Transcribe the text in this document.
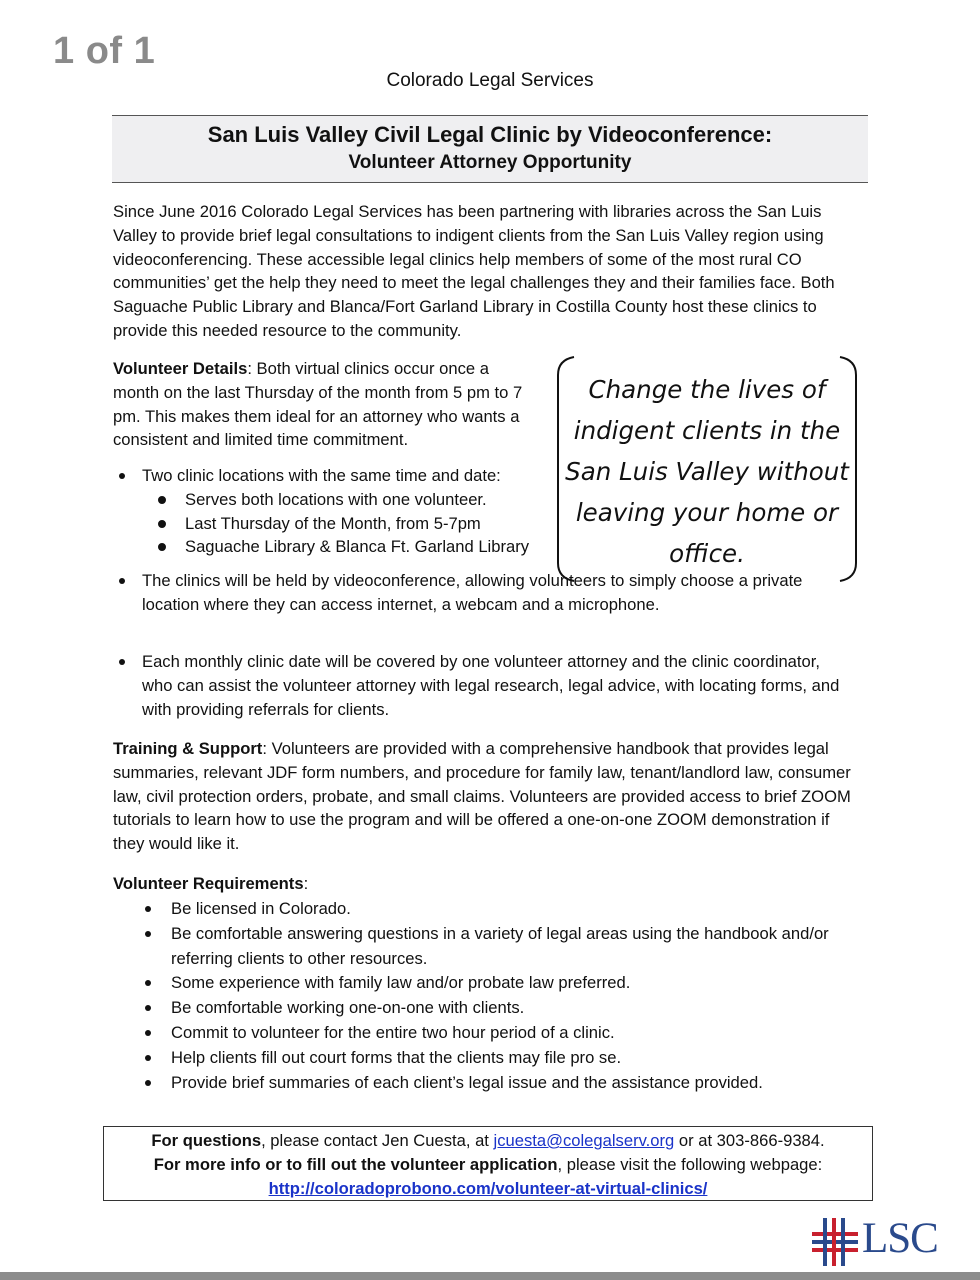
1 of 1
Colorado Legal Services
San Luis Valley Civil Legal Clinic by Videoconference:
Volunteer Attorney Opportunity
Since June 2016 Colorado Legal Services has been partnering with libraries across the San Luis Valley to provide brief legal consultations to indigent clients from the San Luis Valley region using videoconferencing. These accessible legal clinics help members of some of the most rural CO communities’ get the help they need to meet the legal challenges they and their families face. Both Saguache Public Library and Blanca/Fort Garland Library in Costilla County host these clinics to provide this needed resource to the community.
Volunteer Details: Both virtual clinics occur once a month on the last Thursday of the month from 5 pm to 7 pm. This makes them ideal for an attorney who wants a consistent and limited time commitment.
Two clinic locations with the same time and date:
Serves both locations with one volunteer.
Last Thursday of the Month, from 5-7pm
Saguache Library & Blanca Ft. Garland Library
The clinics will be held by videoconference, allowing volunteers to simply choose a private location where they can access internet, a webcam and a microphone.
Each monthly clinic date will be covered by one volunteer attorney and the clinic coordinator, who can assist the volunteer attorney with legal research, legal advice, with locating forms, and with providing referrals for clients.
Change the lives of indigent clients in the San Luis Valley without leaving your home or office.
Training & Support: Volunteers are provided with a comprehensive handbook that provides legal summaries, relevant JDF form numbers, and procedure for family law, tenant/landlord law, consumer law, civil protection orders, probate, and small claims. Volunteers are provided access to brief ZOOM tutorials to learn how to use the program and will be offered a one-on-one ZOOM demonstration if they would like it.
Volunteer Requirements:
Be licensed in Colorado.
Be comfortable answering questions in a variety of legal areas using the handbook and/or referring clients to other resources.
Some experience with family law and/or probate law preferred.
Be comfortable working one-on-one with clients.
Commit to volunteer for the entire two hour period of a clinic.
Help clients fill out court forms that the clients may file pro se.
Provide brief summaries of each client’s legal issue and the assistance provided.
For questions, please contact Jen Cuesta, at jcuesta@colegalserv.org or at 303-866-9384.
For more info or to fill out the volunteer application, please visit the following webpage:
http://coloradoprobono.com/volunteer-at-virtual-clinics/
LSC
